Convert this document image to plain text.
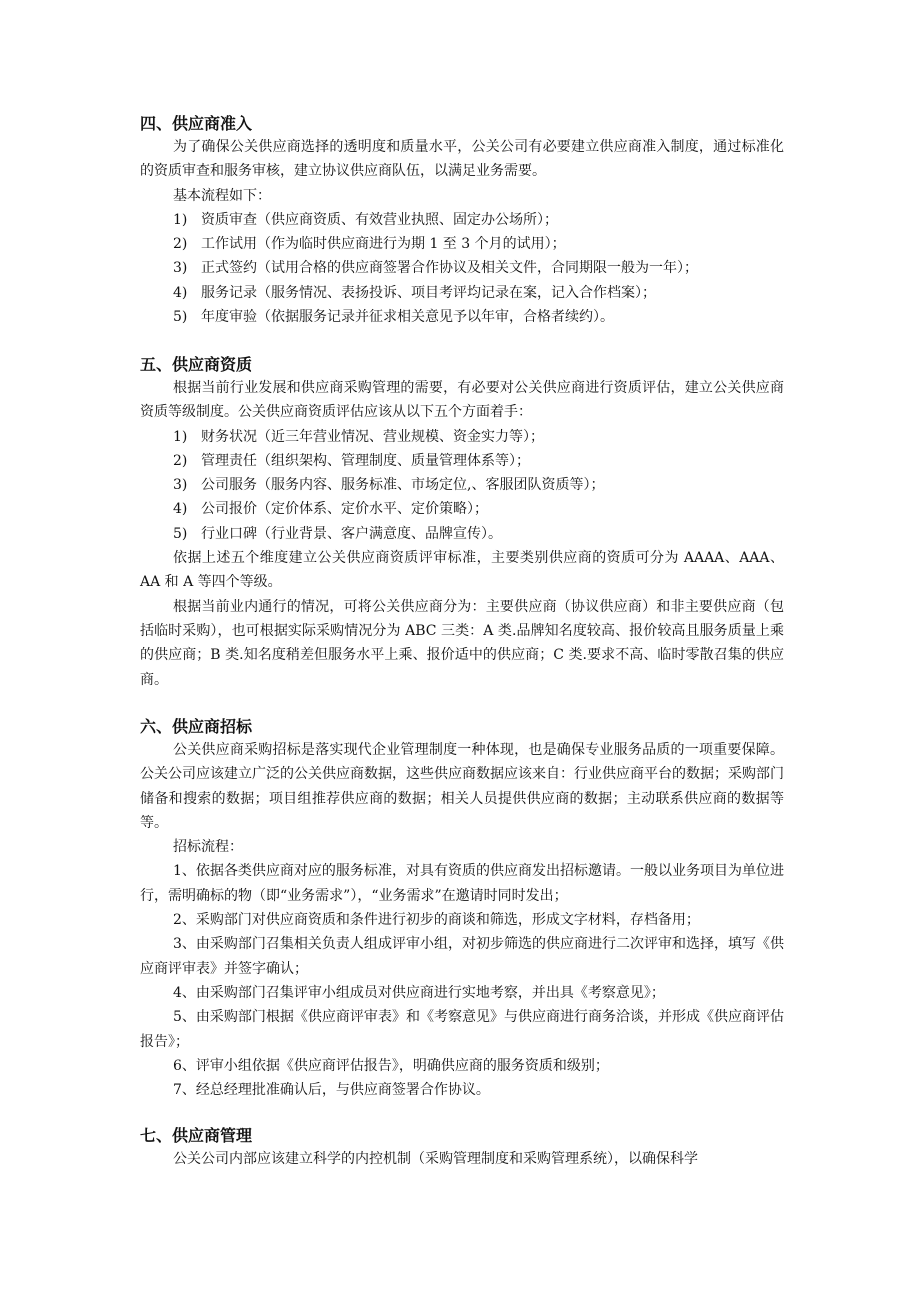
四、供应商准入

为了确保公关供应商选择的透明度和质量水平，公关公司有必要建立供应商准入制度，通过标准化的资质审查和服务审核，建立协议供应商队伍，以满足业务需要。

基本流程如下：

1) 资质审查（供应商资质、有效营业执照、固定办公场所）；
2) 工作试用（作为临时供应商进行为期 1 至 3 个月的试用）；
3) 正式签约（试用合格的供应商签署合作协议及相关文件，合同期限一般为一年）；
4) 服务记录（服务情况、表扬投诉、项目考评均记录在案，记入合作档案）；
5) 年度审验（依据服务记录并征求相关意见予以年审，合格者续约）。
五、供应商资质

根据当前行业发展和供应商采购管理的需要，有必要对公关供应商进行资质评估，建立公关供应商资质等级制度。公关供应商资质评估应该从以下五个方面着手：

1) 财务状况（近三年营业情况、营业规模、资金实力等）；
2) 管理责任（组织架构、管理制度、质量管理体系等）；
3) 公司服务（服务内容、服务标准、市场定位,、客服团队资质等）；
4) 公司报价（定价体系、定价水平、定价策略）；
5) 行业口碑（行业背景、客户满意度、品牌宣传）。

依据上述五个维度建立公关供应商资质评审标准，主要类别供应商的资质可分为 AAAA、AAA、AA 和 A 等四个等级。

根据当前业内通行的情况，可将公关供应商分为：主要供应商（协议供应商）和非主要供应商（包括临时采购），也可根据实际采购情况分为 ABC 三类：A 类.品牌知名度较高、报价较高且服务质量上乘的供应商；B 类.知名度稍差但服务水平上乘、报价适中的供应商；C 类.要求不高、临时零散召集的供应商。

六、供应商招标

公关供应商采购招标是落实现代企业管理制度一种体现，也是确保专业服务品质的一项重要保障。公关公司应该建立广泛的公关供应商数据，这些供应商数据应该来自：行业供应商平台的数据；采购部门储备和搜索的数据；项目组推荐供应商的数据；相关人员提供供应商的数据；主动联系供应商的数据等等。

招标流程：

1、依据各类供应商对应的服务标准，对具有资质的供应商发出招标邀请。一般以业务项目为单位进行，需明确标的物（即“业务需求”），“业务需求”在邀请时同时发出；

2、采购部门对供应商资质和条件进行初步的商谈和筛选，形成文字材料，存档备用；

3、由采购部门召集相关负责人组成评审小组，对初步筛选的供应商进行二次评审和选择，填写《供应商评审表》并签字确认；

4、由采购部门召集评审小组成员对供应商进行实地考察，并出具《考察意见》；

5、由采购部门根据《供应商评审表》和《考察意见》与供应商进行商务洽谈，并形成《供应商评估报告》；

6、评审小组依据《供应商评估报告》，明确供应商的服务资质和级别；

7、经总经理批准确认后，与供应商签署合作协议。

七、供应商管理

公关公司内部应该建立科学的内控机制（采购管理制度和采购管理系统），以确保科学
